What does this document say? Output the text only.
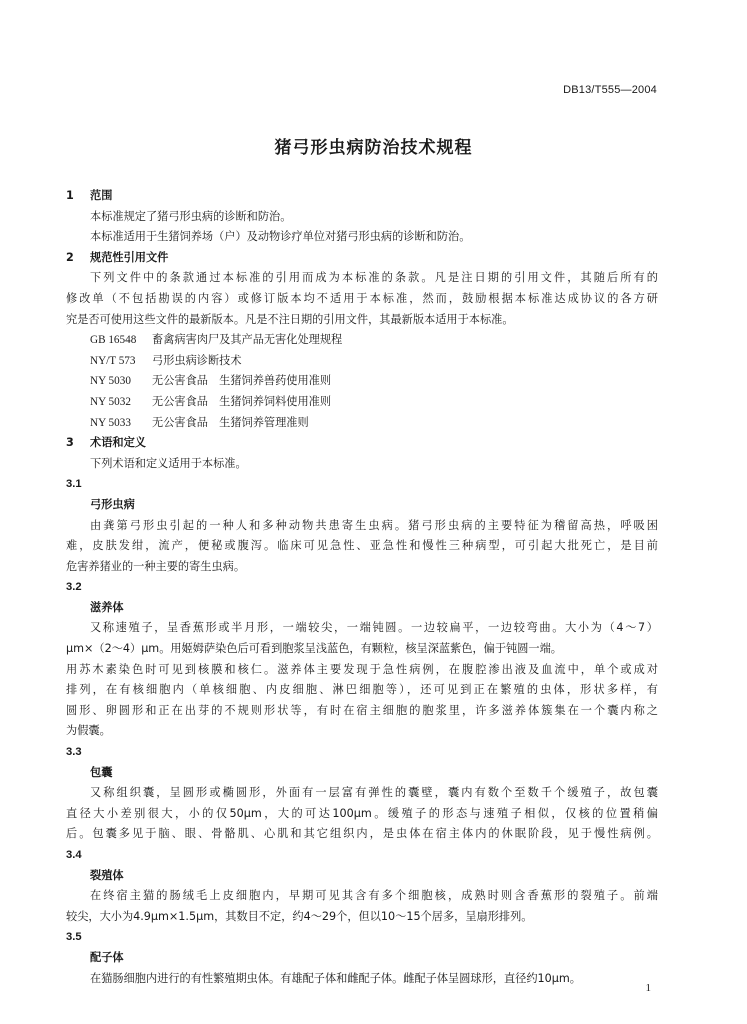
DB13/T555—2004
猪弓形虫病防治技术规程
1 范围
本标准规定了猪弓形虫病的诊断和防治。
本标准适用于生猪饲养场（户）及动物诊疗单位对猪弓形虫病的诊断和防治。
2 规范性引用文件
下列文件中的条款通过本标准的引用而成为本标准的条款。凡是注日期的引用文件，其随后所有的
修改单（不包括勘误的内容）或修订版本均不适用于本标准，然而，鼓励根据本标准达成协议的各方研
究是否可使用这些文件的最新版本。凡是不注日期的引用文件，其最新版本适用于本标准。
GB 16548 畜禽病害肉尸及其产品无害化处理规程
NY/T 573 弓形虫病诊断技术
NY 5030 无公害食品　生猪饲养兽药使用准则
NY 5032 无公害食品　生猪饲养饲料使用准则
NY 5033 无公害食品　生猪饲养管理准则
3 术语和定义
下列术语和定义适用于本标准。
3.1
弓形虫病
由龚第弓形虫引起的一种人和多种动物共患寄生虫病。猪弓形虫病的主要特征为稽留高热，呼吸困
难，皮肤发绀，流产，便秘或腹泻。临床可见急性、亚急性和慢性三种病型，可引起大批死亡，是目前
危害养猪业的一种主要的寄生虫病。
3.2
滋养体
又称速殖子，呈香蕉形或半月形，一端较尖，一端钝圆。一边较扁平，一边较弯曲。大小为（4～7）
μm×（2～4）μm。用姬姆萨染色后可看到胞浆呈浅蓝色，有颗粒，核呈深蓝紫色，偏于钝圆一端。
用苏木素染色时可见到核膜和核仁。滋养体主要发现于急性病例，在腹腔渗出液及血流中，单个或成对
排列，在有核细胞内（单核细胞、内皮细胞、淋巴细胞等），还可见到正在繁殖的虫体，形状多样，有
圆形、卵圆形和正在出芽的不规则形状等，有时在宿主细胞的胞浆里，许多滋养体簇集在一个囊内称之
为假囊。
3.3
包囊
又称组织囊，呈圆形或椭圆形，外面有一层富有弹性的囊壁，囊内有数个至数千个缓殖子，故包囊
直径大小差别很大，小的仅50μm，大的可达100μm。缓殖子的形态与速殖子相似，仅核的位置稍偏
后。包囊多见于脑、眼、骨骼肌、心肌和其它组织内，是虫体在宿主体内的休眠阶段，见于慢性病例。
3.4
裂殖体
在终宿主猫的肠绒毛上皮细胞内，早期可见其含有多个细胞核，成熟时则含香蕉形的裂殖子。前端
较尖，大小为4.9μm×1.5μm，其数目不定，约4～29个，但以10～15个居多，呈扇形排列。
3.5
配子体
在猫肠细胞内进行的有性繁殖期虫体。有雄配子体和雌配子体。雌配子体呈圆球形，直径约10μm。
1
